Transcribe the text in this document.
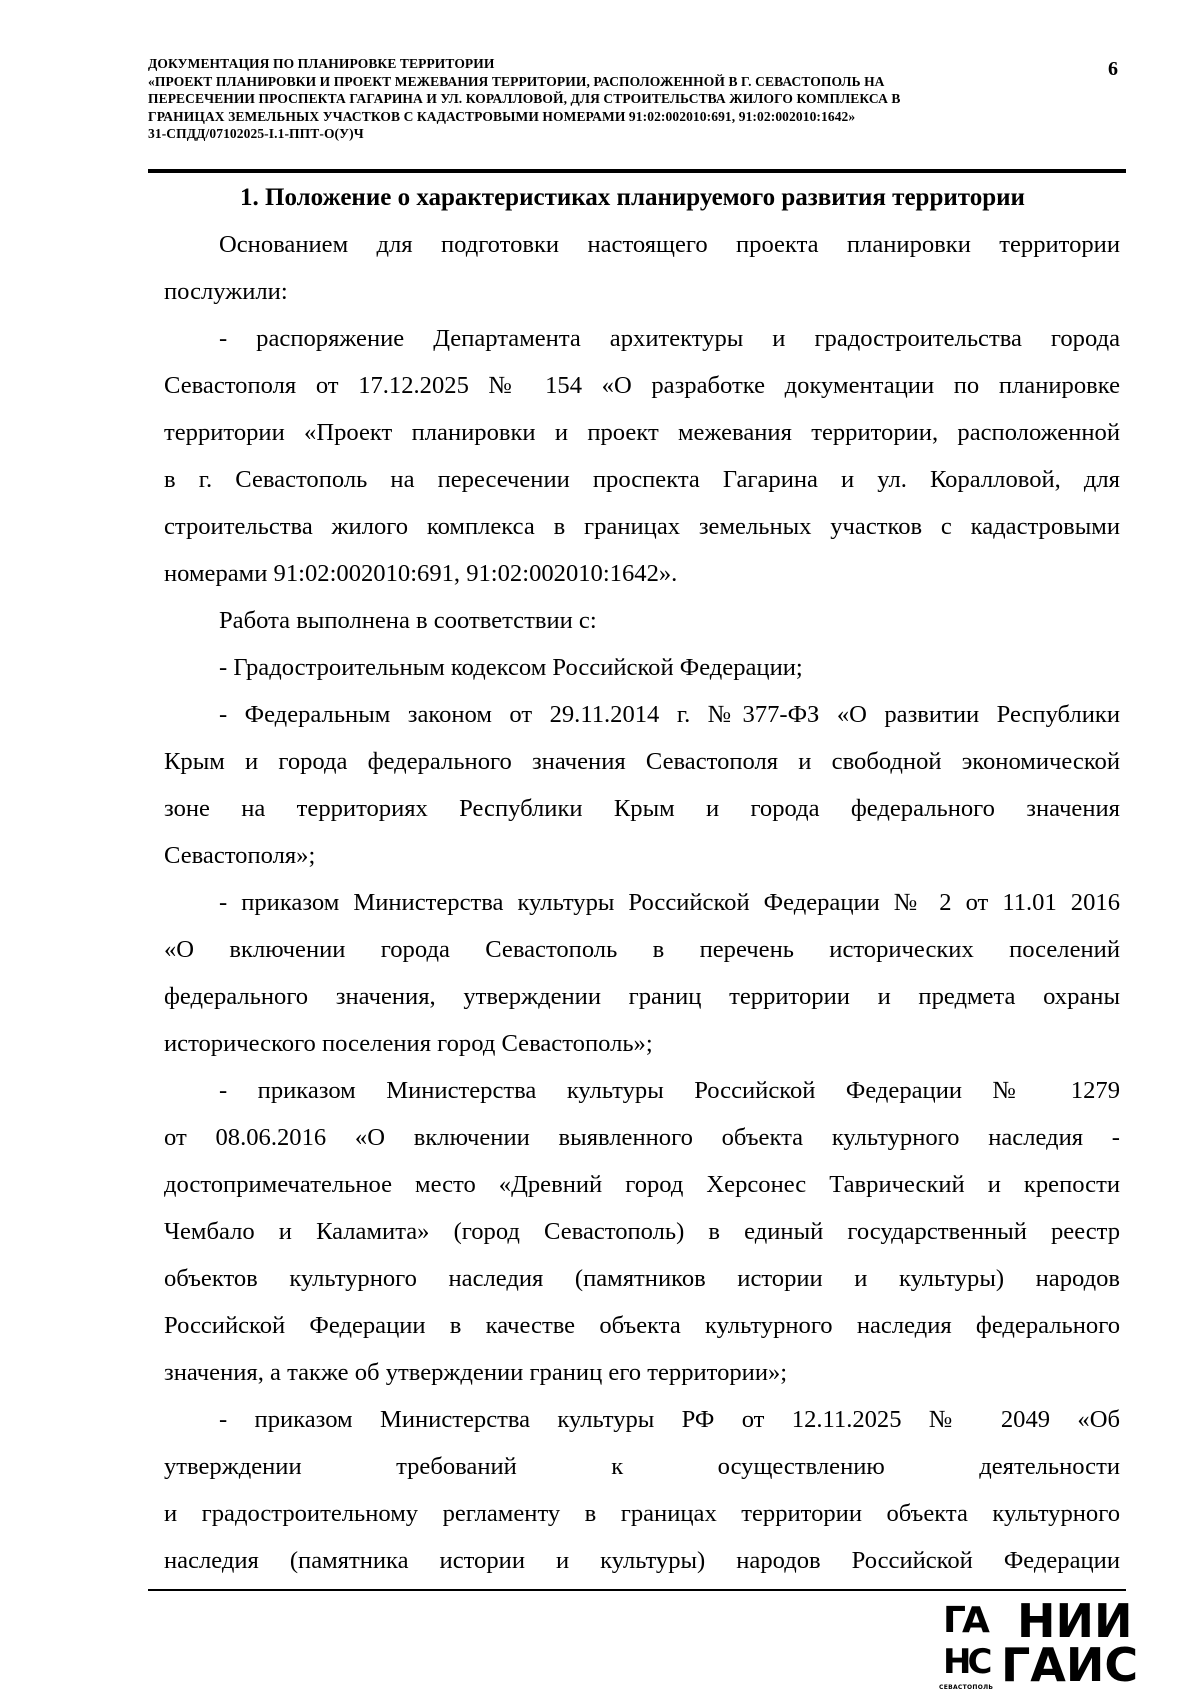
ДОКУМЕНТАЦИЯ ПО ПЛАНИРОВКЕ ТЕРРИТОРИИ
«ПРОЕКТ ПЛАНИРОВКИ И ПРОЕКТ МЕЖЕВАНИЯ ТЕРРИТОРИИ, РАСПОЛОЖЕННОЙ В Г. СЕВАСТОПОЛЬ НА
ПЕРЕСЕЧЕНИИ ПРОСПЕКТА ГАГАРИНА И УЛ. КОРАЛЛОВОЙ, ДЛЯ СТРОИТЕЛЬСТВА ЖИЛОГО КОМПЛЕКСА В
ГРАНИЦАХ ЗЕМЕЛЬНЫХ УЧАСТКОВ С КАДАСТРОВЫМИ НОМЕРАМИ 91:02:002010:691, 91:02:002010:1642»
31-СПДД/07102025-I.1-ППТ-О(У)Ч
6
1. Положение о характеристиках планируемого развития территории
Основанием для подготовки настоящего проекта планировки территории
послужили:
- распоряжение Департамента архитектуры и градостроительства города
Севастополя от 17.12.2025 № 154 «О разработке документации по планировке
территории «Проект планировки и проект межевания территории, расположенной
в г. Севастополь на пересечении проспекта Гагарина и ул. Коралловой, для
строительства жилого комплекса в границах земельных участков с кадастровыми
номерами 91:02:002010:691, 91:02:002010:1642».
Работа выполнена в соответствии с:
- Градостроительным кодексом Российской Федерации;
- Федеральным законом от 29.11.2014 г. №377-ФЗ «О развитии Республики
Крым и города федерального значения Севастополя и свободной экономической
зоне на территориях Республики Крым и города федерального значения
Севастополя»;
- приказом Министерства культуры Российской Федерации № 2 от 11.01 2016
«О включении города Севастополь в перечень исторических поселений
федерального значения, утверждении границ территории и предмета охраны
исторического поселения город Севастополь»;
- приказом Министерства культуры Российской Федерации № 1279
от 08.06.2016 «О включении выявленного объекта культурного наследия -
достопримечательное место «Древний город Херсонес Таврический и крепости
Чембало и Каламита» (город Севастополь) в единый государственный реестр
объектов культурного наследия (памятников истории и культуры) народов
Российской Федерации в качестве объекта культурного наследия федерального
значения, а также об утверждении границ его территории»;
- приказом Министерства культуры РФ от 12.11.2025 № 2049 «Об
утверждении требований к осуществлению деятельности
и градостроительному регламенту в границах территории объекта культурного
наследия (памятника истории и культуры) народов Российской Федерации
ГА
НС
НИИ
ГАИС
СЕВАСТОПОЛЬ
